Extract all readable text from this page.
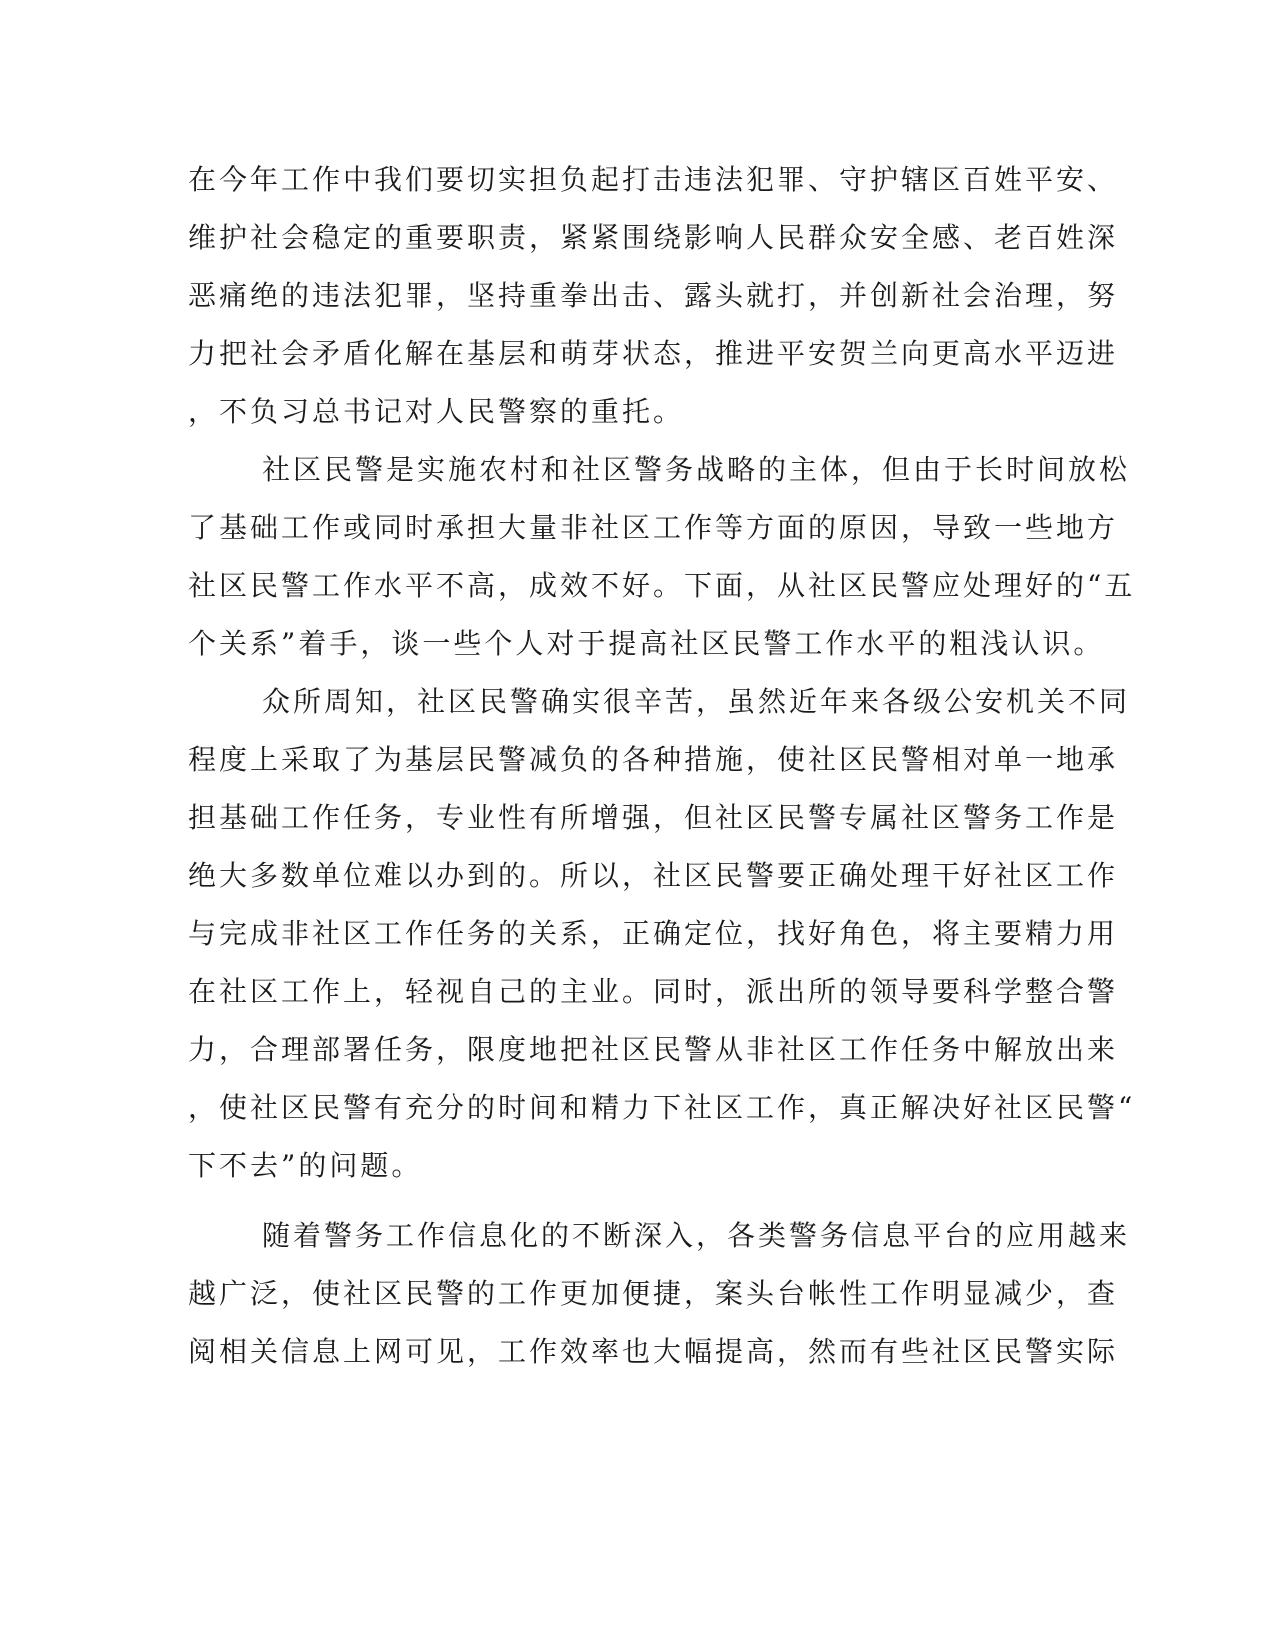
在今年工作中我们要切实担负起打击违法犯罪、守护辖区百姓平安、
维护社会稳定的重要职责，紧紧围绕影响人民群众安全感、老百姓深
恶痛绝的违法犯罪，坚持重拳出击、露头就打，并创新社会治理，努
力把社会矛盾化解在基层和萌芽状态，推进平安贺兰向更高水平迈进
，不负习总书记对人民警察的重托。
社区民警是实施农村和社区警务战略的主体，但由于长时间放松
了基础工作或同时承担大量非社区工作等方面的原因，导致一些地方
社区民警工作水平不高，成效不好。下面，从社区民警应处理好的“五
个关系”着手，谈一些个人对于提高社区民警工作水平的粗浅认识。
众所周知，社区民警确实很辛苦，虽然近年来各级公安机关不同
程度上采取了为基层民警减负的各种措施，使社区民警相对单一地承
担基础工作任务，专业性有所增强，但社区民警专属社区警务工作是
绝大多数单位难以办到的。所以，社区民警要正确处理干好社区工作
与完成非社区工作任务的关系，正确定位，找好角色，将主要精力用
在社区工作上，轻视自己的主业。同时，派出所的领导要科学整合警
力，合理部署任务，限度地把社区民警从非社区工作任务中解放出来
，使社区民警有充分的时间和精力下社区工作，真正解决好社区民警“
下不去”的问题。
随着警务工作信息化的不断深入，各类警务信息平台的应用越来
越广泛，使社区民警的工作更加便捷，案头台帐性工作明显减少，查
阅相关信息上网可见，工作效率也大幅提高，然而有些社区民警实际
